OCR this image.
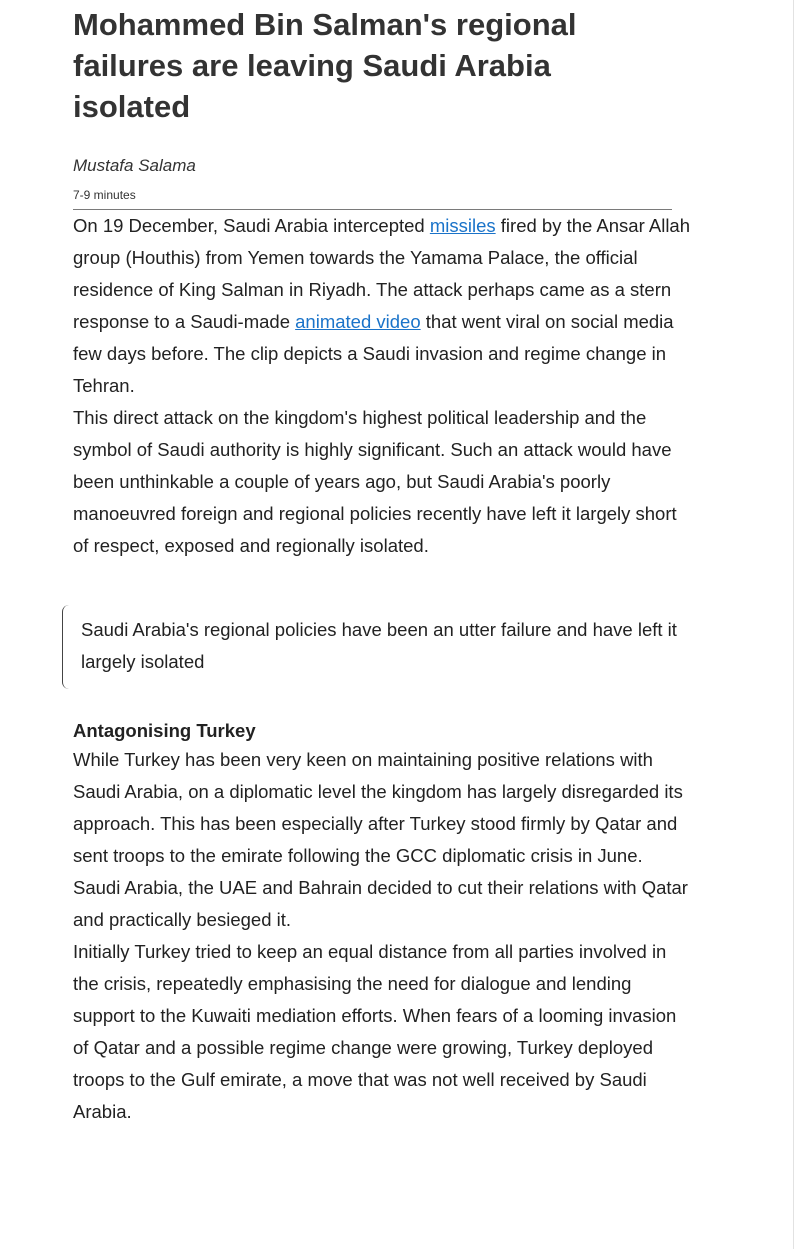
Mohammed Bin Salman's regional failures are leaving Saudi Arabia isolated
Mustafa Salama
7-9 minutes

On 19 December, Saudi Arabia intercepted missiles fired by the Ansar Allah group (Houthis) from Yemen towards the Yamama Palace, the official residence of King Salman in Riyadh. The attack perhaps came as a stern response to a Saudi-made animated video that went viral on social media few days before. The clip depicts a Saudi invasion and regime change in Tehran.

This direct attack on the kingdom's highest political leadership and the symbol of Saudi authority is highly significant. Such an attack would have been unthinkable a couple of years ago, but Saudi Arabia's poorly manoeuvred foreign and regional policies recently have left it largely short of respect, exposed and regionally isolated.

Saudi Arabia's regional policies have been an utter failure and have left it largely isolated
Antagonising Turkey

While Turkey has been very keen on maintaining positive relations with Saudi Arabia, on a diplomatic level the kingdom has largely disregarded its approach. This has been especially after Turkey stood firmly by Qatar and sent troops to the emirate following the GCC diplomatic crisis in June. Saudi Arabia, the UAE and Bahrain decided to cut their relations with Qatar and practically besieged it.

Initially Turkey tried to keep an equal distance from all parties involved in the crisis, repeatedly emphasising the need for dialogue and lending support to the Kuwaiti mediation efforts. When fears of a looming invasion of Qatar and a possible regime change were growing, Turkey deployed troops to the Gulf emirate, a move that was not well received by Saudi Arabia.
